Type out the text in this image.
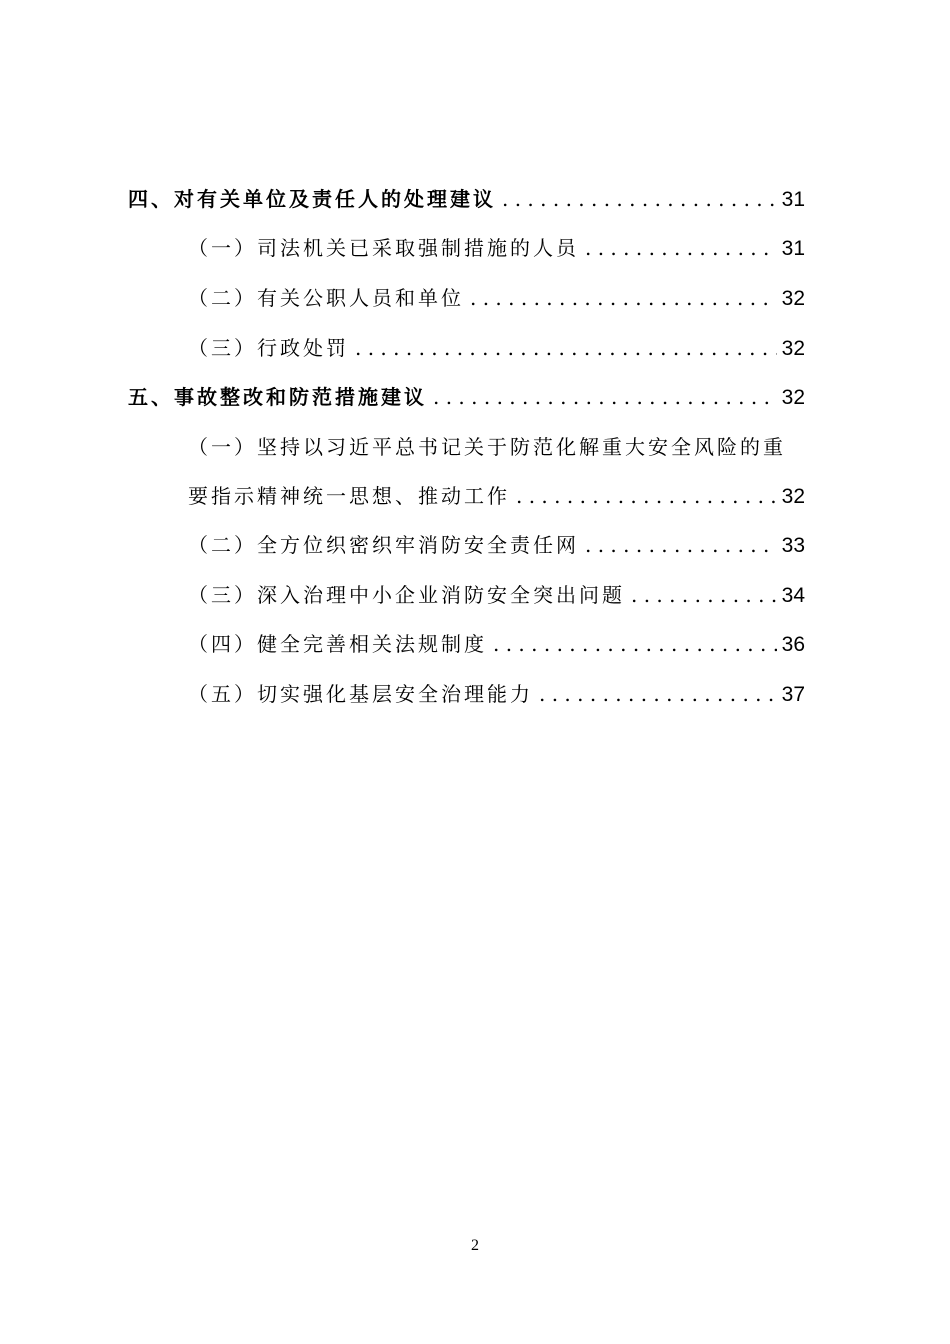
四、对有关单位及责任人的处理建议 . . .	31
（一）司法机关已采取强制措施的人员 . . .	31
（二）有关公职人员和单位 . . .	32
（三）行政处罚 . . .	32
五、事故整改和防范措施建议 . . .	32
（一）坚持以习近平总书记关于防范化解重大安全风险的重
要指示精神统一思想、推动工作 . . .	32
（二）全方位织密织牢消防安全责任网 . . .	33
（三）深入治理中小企业消防安全突出问题 . . .	34
（四）健全完善相关法规制度 . . .	36
（五）切实强化基层安全治理能力 . . .	37
2
